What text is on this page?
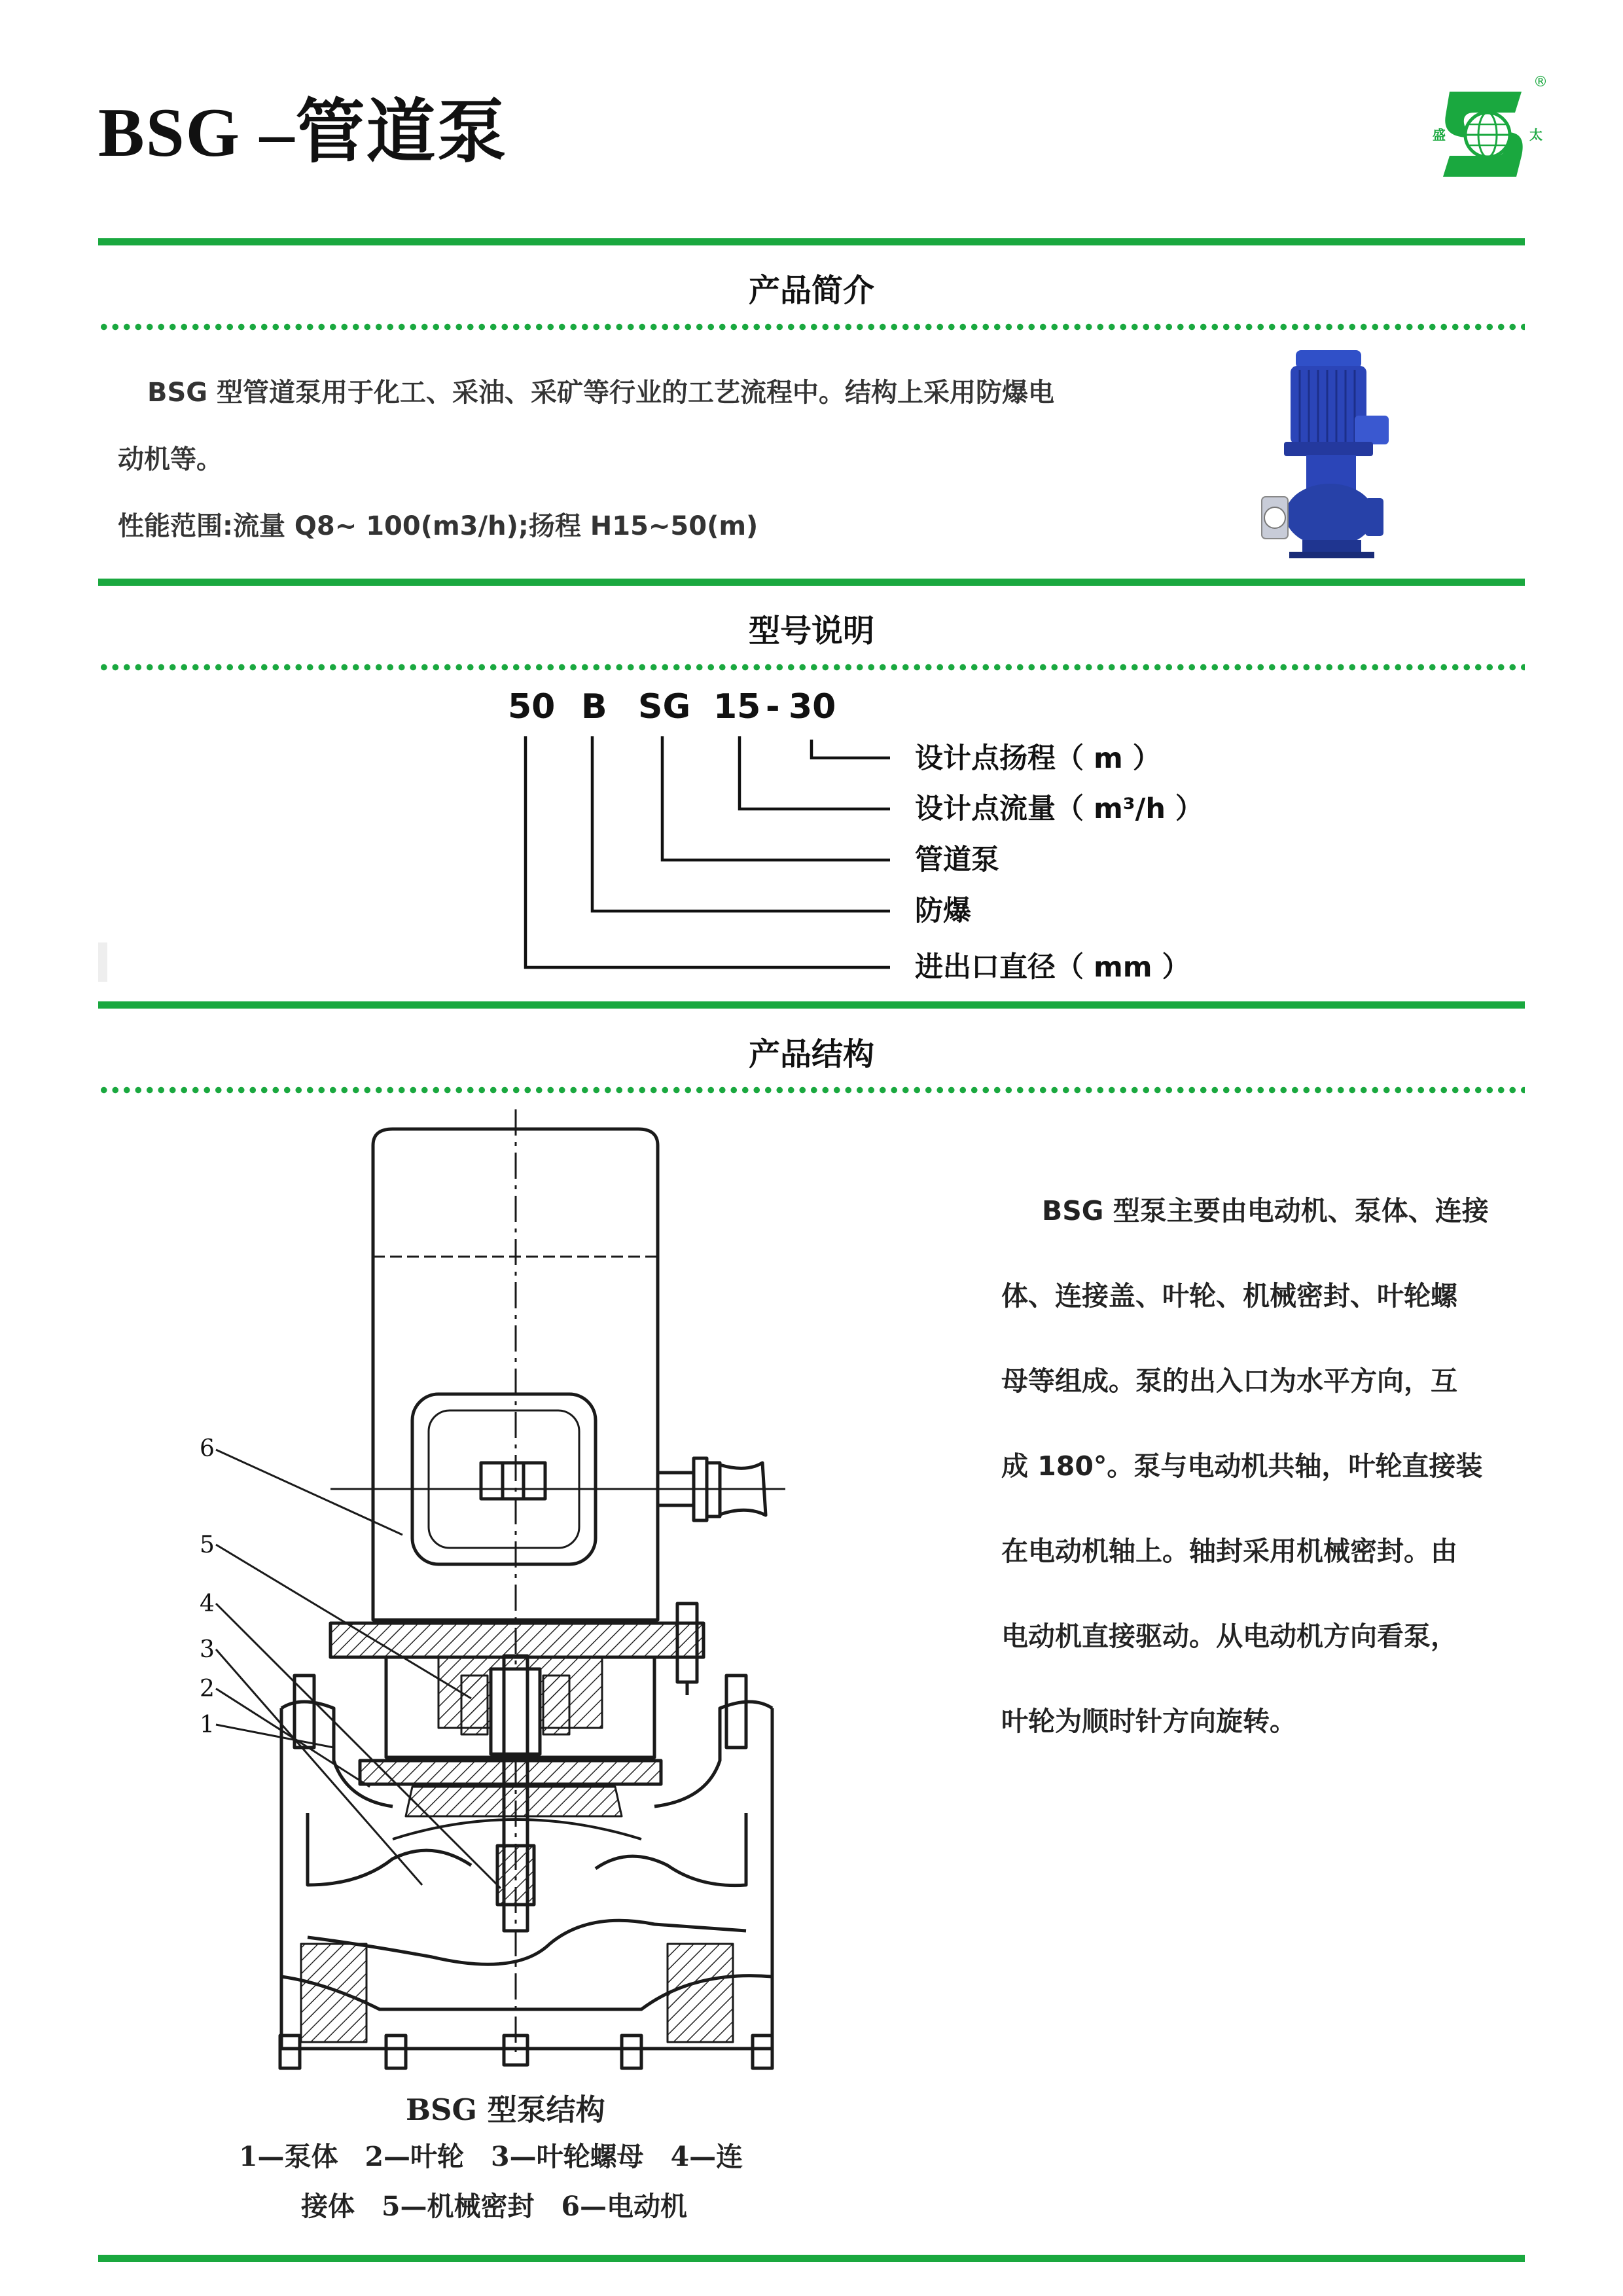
BSG –管道泵	盛	太
®
产品简介

BSG 型管道泵用于化工、采油、采矿等行业的工艺流程中。结构上采用防爆电

动机等。

性能范围:流量 Q8~ 100(m3/h);扬程 H15~50(m)

型号说明
50 B SG 15 - 30
设计点扬程（ m ）
设计点流量（ m³/h ）
管道泵
防爆
进出口直径（ mm ）
产品结构
6
5
4
3
2
1
BSG 型泵结构
1—泵体　2—叶轮　3—叶轮螺母　4—连
接体　5—机械密封　6—电动机

BSG 型泵主要由电动机、泵体、连接

体、连接盖、叶轮、机械密封、叶轮螺

母等组成。泵的出入口为水平方向，互

成 180°。泵与电动机共轴，叶轮直接装

在电动机轴上。轴封采用机械密封。由

电动机直接驱动。从电动机方向看泵，

叶轮为顺时针方向旋转。
